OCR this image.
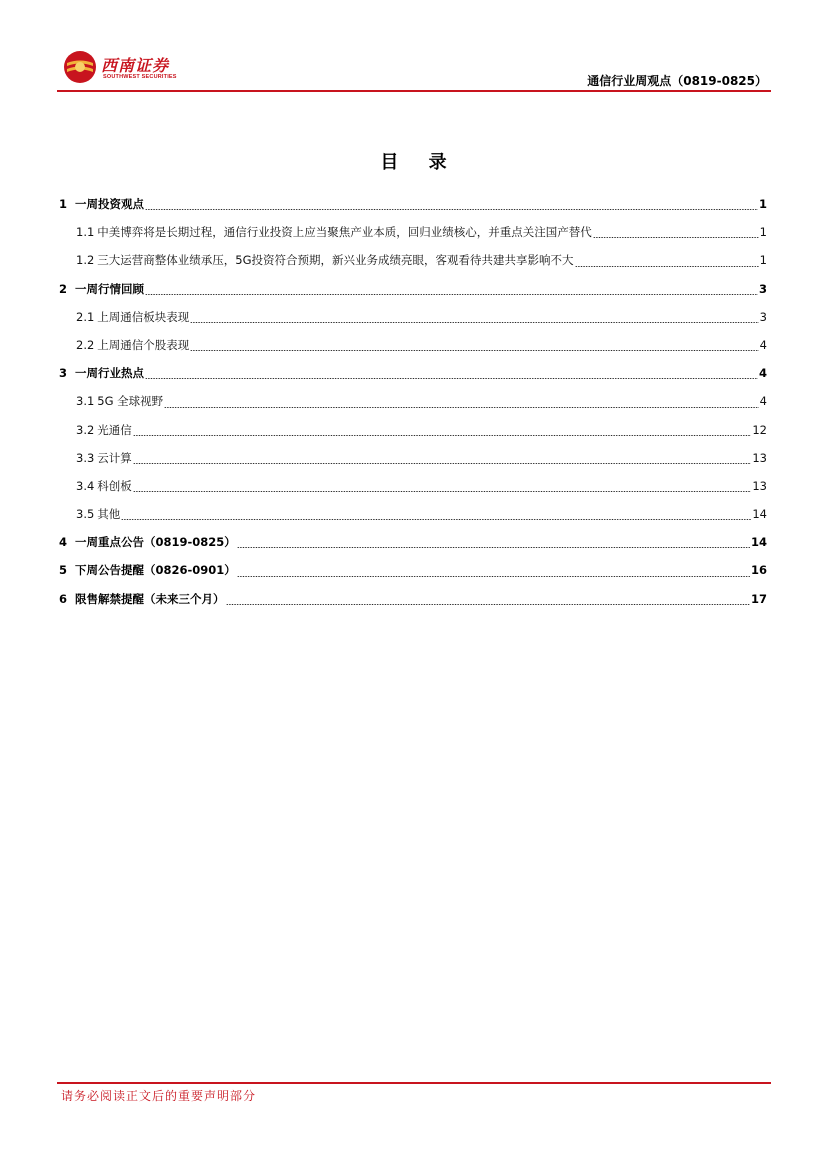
西南证券
SOUTHWEST SECURITIES	通信行业周观点（0819-0825）
目 录
1 一周投资观点	1
1.1 中美博弈将是长期过程，通信行业投资上应当聚焦产业本质，回归业绩核心，并重点关注国产替代	1
1.2 三大运营商整体业绩承压，5G投资符合预期，新兴业务成绩亮眼，客观看待共建共享影响不大	1
2 一周行情回顾	3
2.1 上周通信板块表现	3
2.2 上周通信个股表现	4
3 一周行业热点	4
3.1 5G 全球视野	4
3.2 光通信	12
3.3 云计算	13
3.4 科创板	13
3.5 其他	14
4 一周重点公告（0819-0825）	14
5 下周公告提醒（0826-0901）	16
6 限售解禁提醒（未来三个月）	17
请务必阅读正文后的重要声明部分
